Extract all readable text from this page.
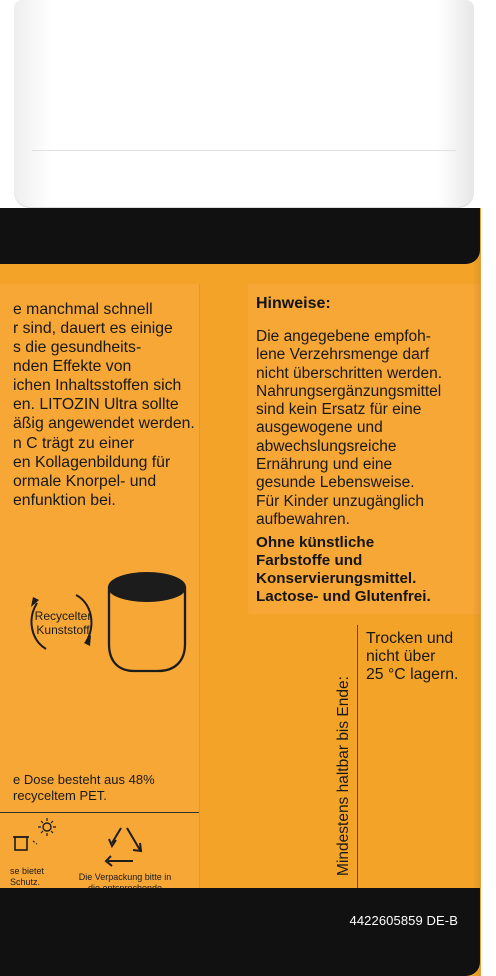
e manchmal schnell
r sind, dauert es einige
s die gesundheits-
nden Effekte von
ichen Inhaltsstoffen sich
en. LITOZIN Ultra sollte
äßig angewendet werden.
n C trägt zu einer
en Kollagenbildung für
ormale Knorpel- und
enfunktion bei.
Recycelter
Kunststoff
e Dose besteht aus 48%
recyceltem PET.
se bietet
Schutz.	Die Verpackung bitte in

Hinweise:
Die angegebene empfoh-
lene Verzehrsmenge darf
nicht überschritten werden.
Nahrungsergänzungsmittel
sind kein Ersatz für eine
ausgewogene und
abwechslungsreiche
Ernährung und eine
gesunde Lebensweise.
Für Kinder unzugänglich
aufbewahren.
Ohne künstliche
Farbstoffe und
Konservierungsmittel.
Lactose- und Glutenfrei.
Mindestens haltbar bis Ende:
Trocken und
nicht über
25 °C lagern.
4422605859 DE-B
